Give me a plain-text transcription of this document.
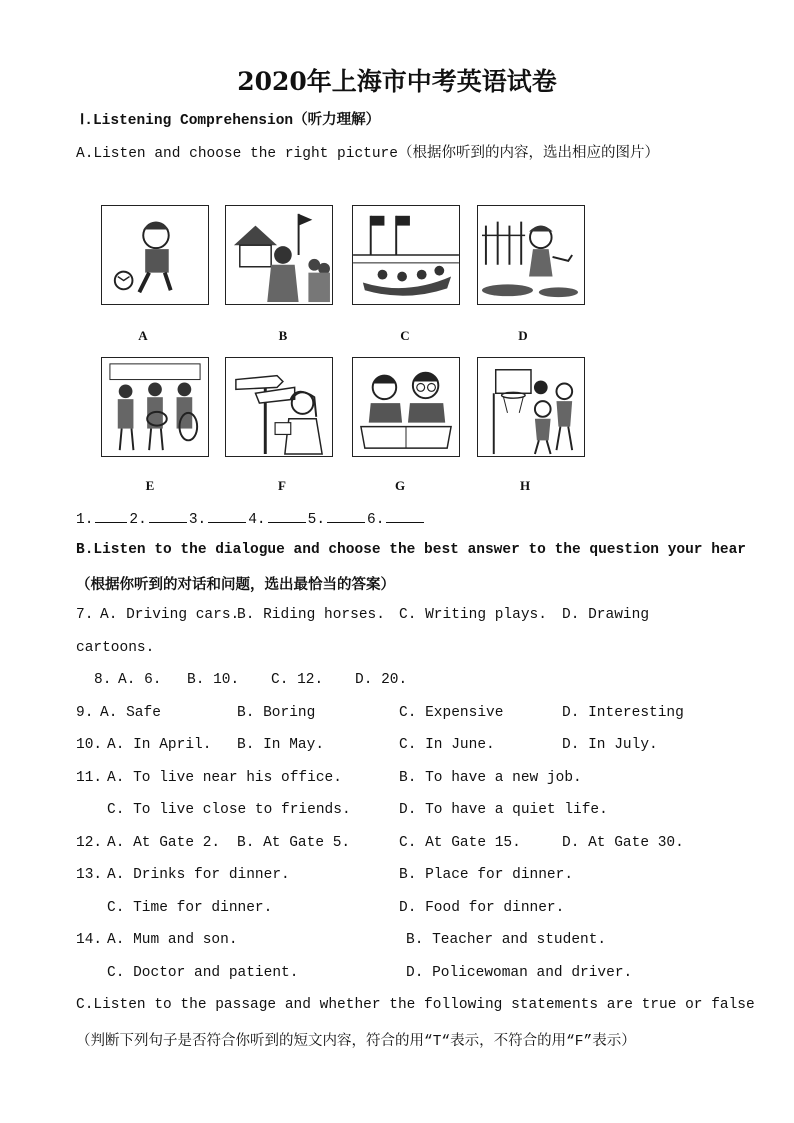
2020年上海市中考英语试卷
Ⅰ.Listening Comprehension（听力理解）
A.Listen and choose the right picture（根据你听到的内容，选出相应的图片）
A	B	C	D
E	F	G	H
1. 2.	3.	4.	5.	6.
B.Listen to the dialogue and choose the best answer to the question your hear
（根据你听到的对话和问题，选出最恰当的答案）
7. A. Driving cars.
B. Riding horses. C. Writing plays. D. Drawing
cartoons.
8. A. 6. B. 10. C. 12. D. 20.
9. A. Safe	B. Boring	C. Expensive	D. Interesting
10. A. In April. B. In May.	C. In June.	D. In July.
11. A. To live near his office.	B. To have a new job.
C. To live close to friends.	D. To have a quiet life.
12. A. At Gate 2. B. At Gate 5.	C. At Gate 15.	D. At Gate 30.
13. A. Drinks for dinner.	B. Place for dinner.
C. Time for dinner.	D. Food for dinner.
14. A. Mum and son.	B. Teacher and student.
C. Doctor and patient.	D. Policewoman and driver.
C.Listen to the passage and whether the following statements are true or false
（判断下列句子是否符合你听到的短文内容，符合的用“T“表示，不符合的用“F”表示）
